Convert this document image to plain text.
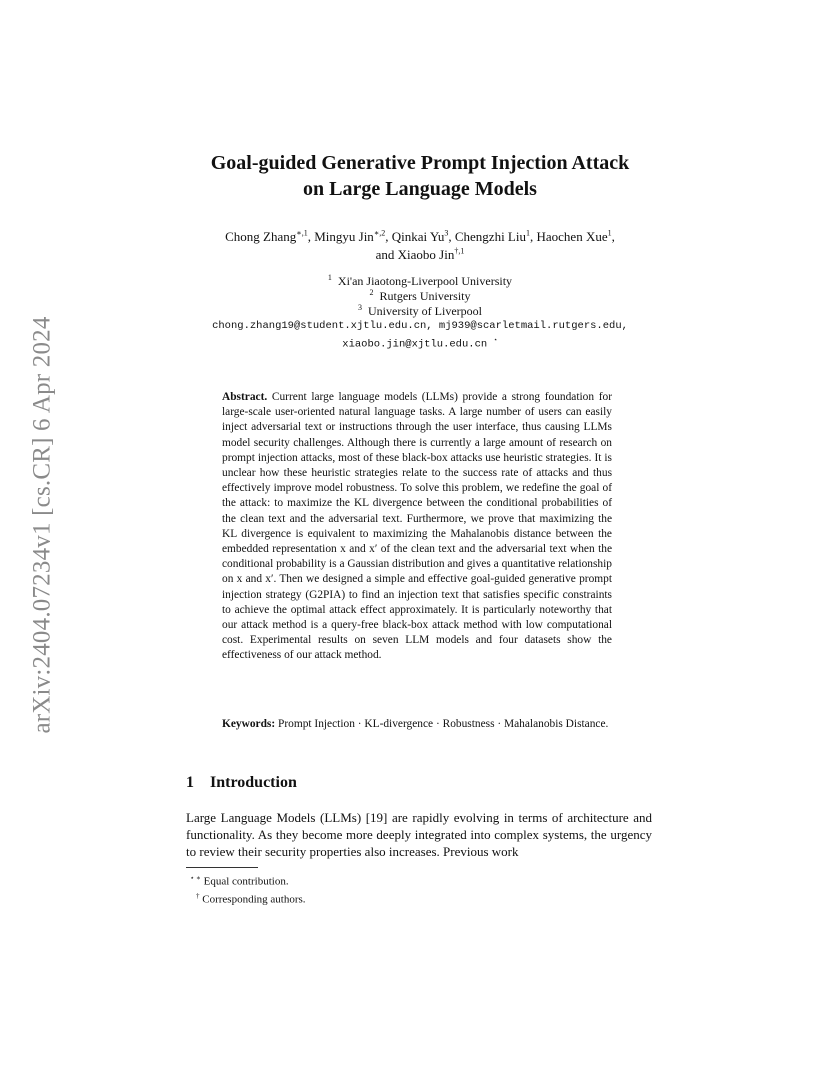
arXiv:2404.07234v1 [cs.CR] 6 Apr 2024
Goal-guided Generative Prompt Injection Attack
on Large Language Models
Chong Zhang$^{∗,1}$, Mingyu Jin$^{∗,2}$, Qinkai Yu$^3$, Chengzhi Liu$^1$, Haochen Xue$^1$,
and Xiaobo Jin$^{\dagger,1}$
$^1$ Xi'an Jiaotong-Liverpool University
$^2$ Rutgers University
$^3$ University of Liverpool
chong.zhang19@student.xjtlu.edu.cn, mj939@scarletmail.rutgers.edu,
xiaobo.jin@xjtlu.edu.cn ⋆
Abstract. Current large language models (LLMs) provide a strong foundation for large-scale user-oriented natural language tasks. A large number of users can easily inject adversarial text or instructions through the user interface, thus causing LLMs model security challenges. Although there is currently a large amount of research on prompt injection attacks, most of these black-box attacks use heuristic strategies. It is unclear how these heuristic strategies relate to the success rate of attacks and thus effectively improve model robustness. To solve this problem, we redefine the goal of the attack: to maximize the KL divergence between the conditional probabilities of the clean text and the adversarial text. Furthermore, we prove that maximizing the KL divergence is equivalent to maximizing the Mahalanobis distance between the embedded representation x and x′ of the clean text and the adversarial text when the conditional probability is a Gaussian distribution and gives a quantitative relationship on x and x′. Then we designed a simple and effective goal-guided generative prompt injection strategy (G2PIA) to find an injection text that satisfies specific constraints to achieve the optimal attack effect approximately. It is particularly noteworthy that our attack method is a query-free black-box attack method with low computational cost. Experimental results on seven LLM models and four datasets show the effectiveness of our attack method.
Keywords: Prompt Injection · KL-divergence · Robustness · Mahalanobis Distance.
1 Introduction
Large Language Models (LLMs) [19] are rapidly evolving in terms of architecture and functionality. As they become more deeply integrated into complex systems, the urgency to review their security properties also increases. Previous work
⋆ ∗ Equal contribution.
† Corresponding authors.
